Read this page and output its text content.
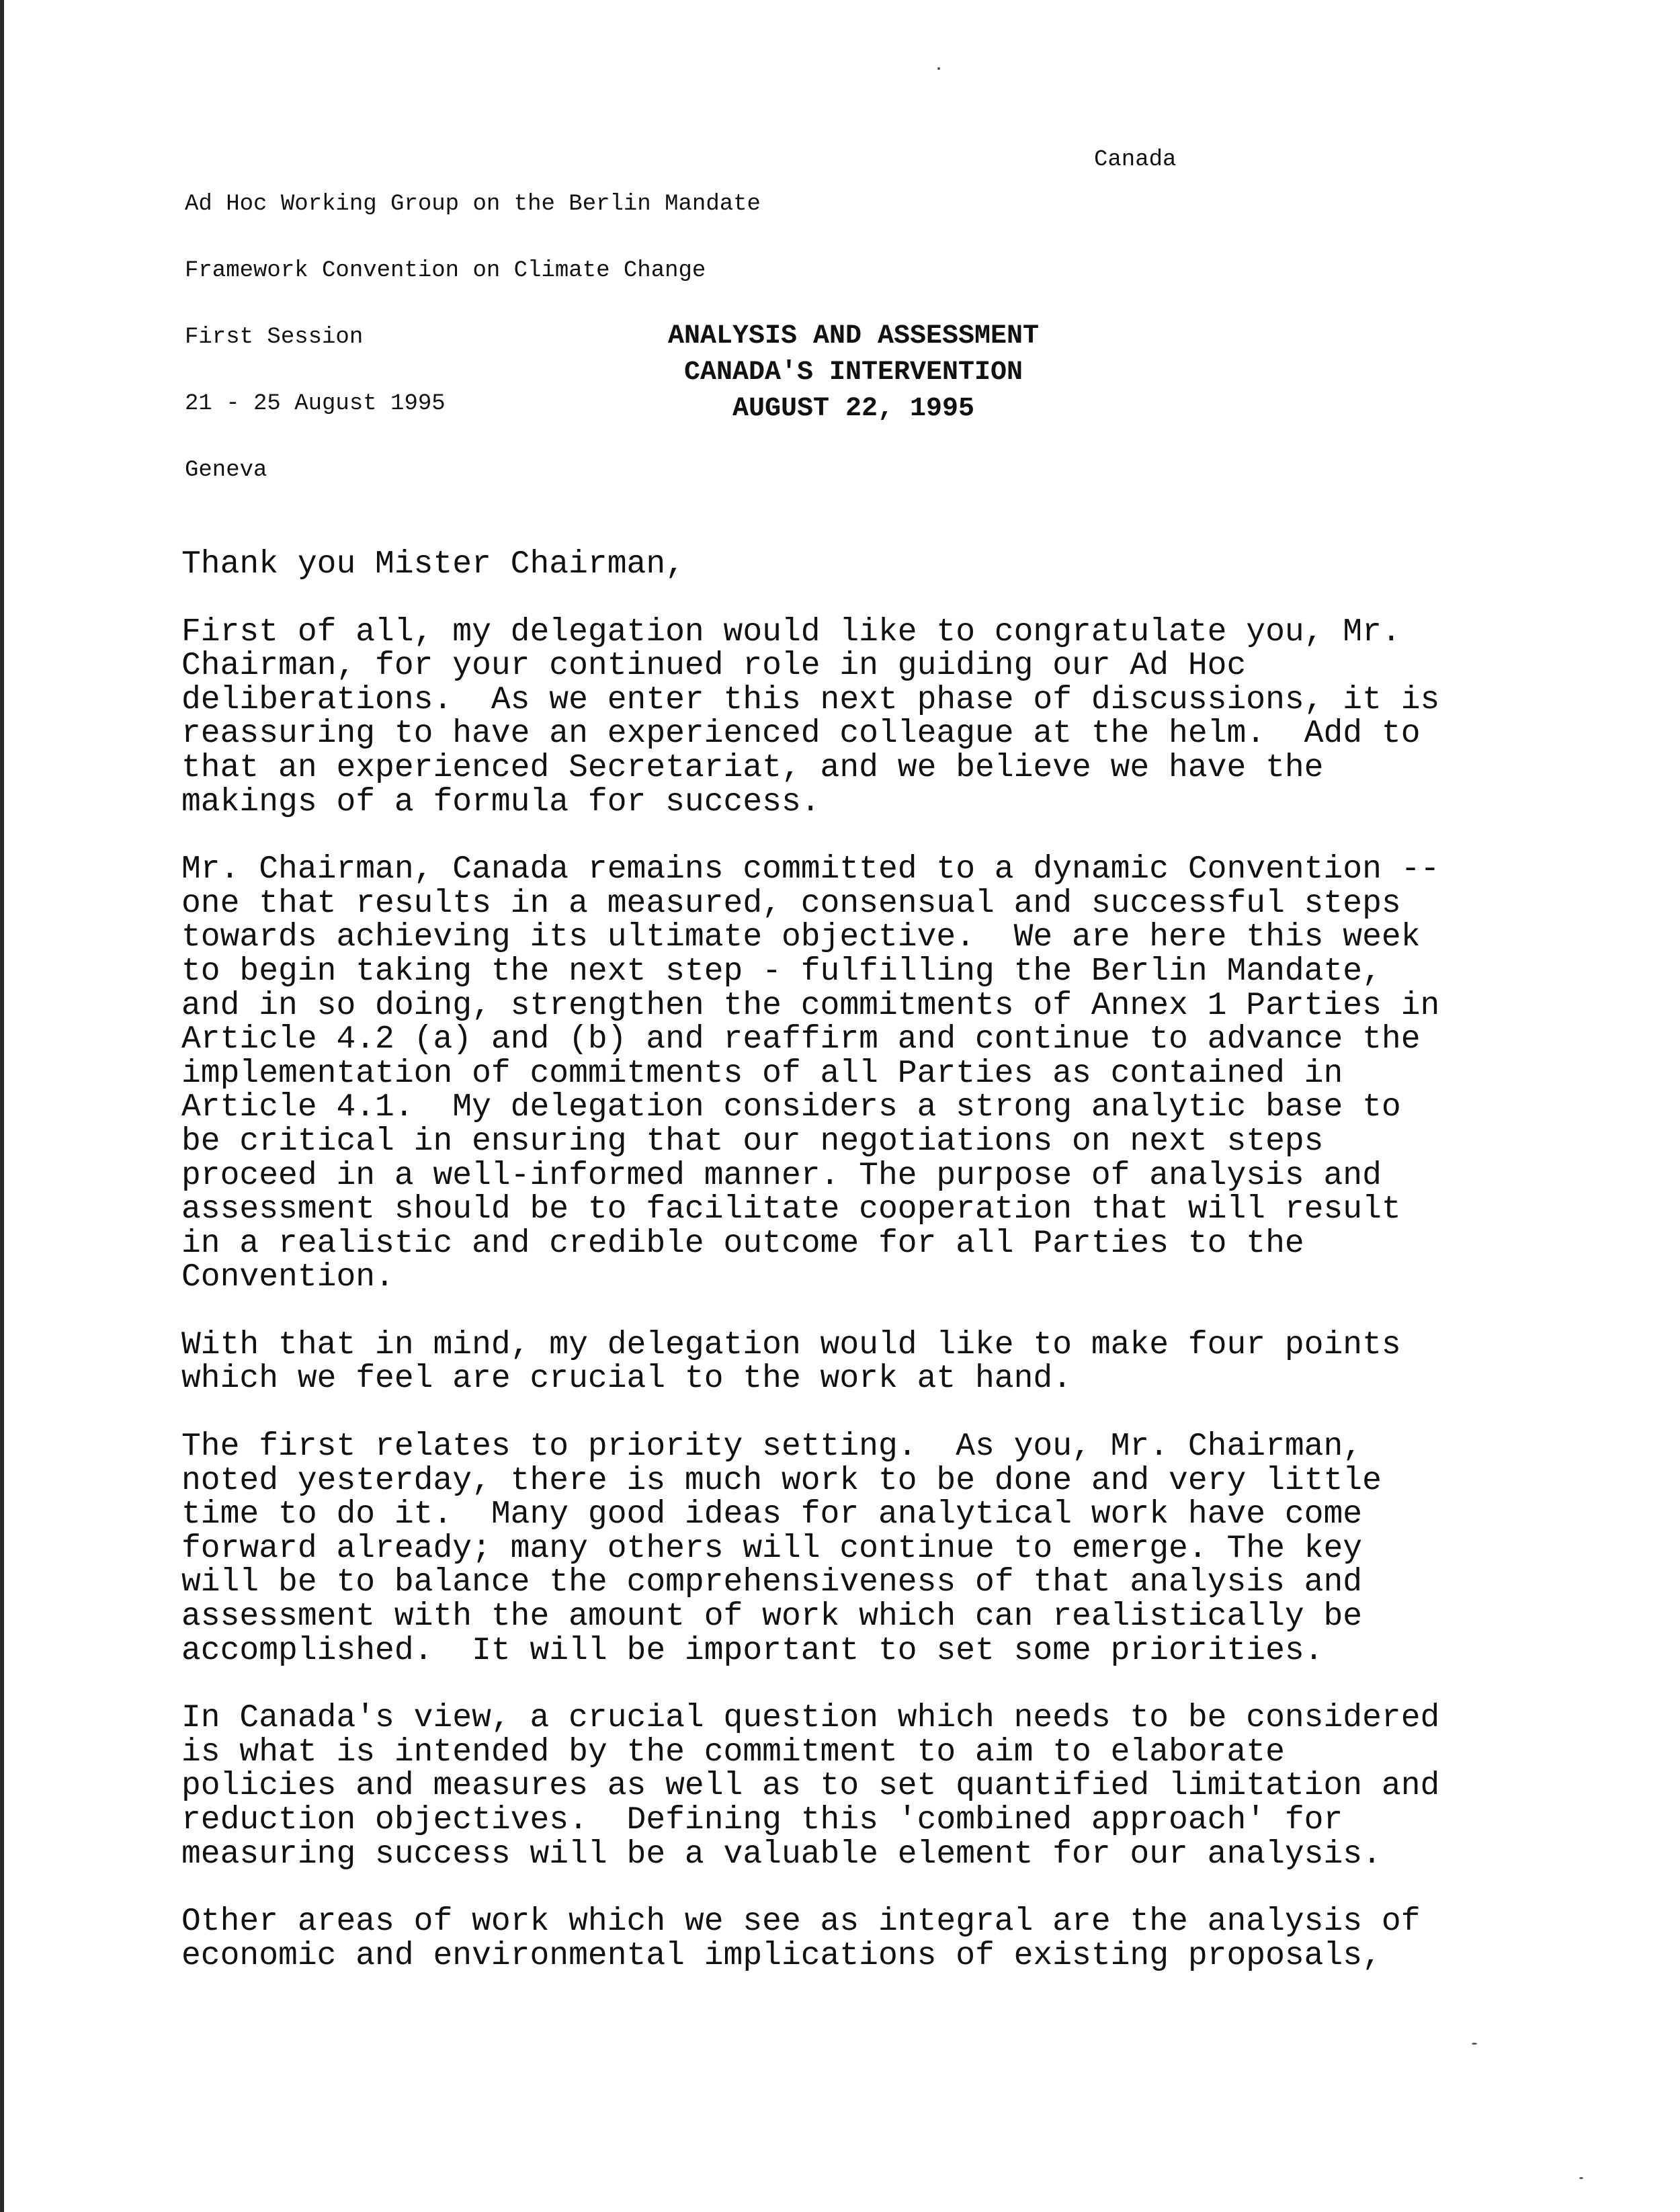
Ad Hoc Working Group on the Berlin Mandate

Framework Convention on Climate Change

First Session

21 - 25 August 1995

Geneva

Canada
ANALYSIS AND ASSESSMENT
CANADA'S INTERVENTION
AUGUST 22, 1995

Thank you Mister Chairman,

First of all, my delegation would like to congratulate you, Mr.
Chairman, for your continued role in guiding our Ad Hoc
deliberations.  As we enter this next phase of discussions, it is
reassuring to have an experienced colleague at the helm.  Add to
that an experienced Secretariat, and we believe we have the
makings of a formula for success.

Mr. Chairman, Canada remains committed to a dynamic Convention --
one that results in a measured, consensual and successful steps
towards achieving its ultimate objective.  We are here this week
to begin taking the next step - fulfilling the Berlin Mandate,
and in so doing, strengthen the commitments of Annex 1 Parties in
Article 4.2 (a) and (b) and reaffirm and continue to advance the
implementation of commitments of all Parties as contained in
Article 4.1.  My delegation considers a strong analytic base to
be critical in ensuring that our negotiations on next steps
proceed in a well-informed manner. The purpose of analysis and
assessment should be to facilitate cooperation that will result
in a realistic and credible outcome for all Parties to the
Convention.

With that in mind, my delegation would like to make four points
which we feel are crucial to the work at hand.

The first relates to priority setting.  As you, Mr. Chairman,
noted yesterday, there is much work to be done and very little
time to do it.  Many good ideas for analytical work have come
forward already; many others will continue to emerge. The key
will be to balance the comprehensiveness of that analysis and
assessment with the amount of work which can realistically be
accomplished.  It will be important to set some priorities.

In Canada's view, a crucial question which needs to be considered
is what is intended by the commitment to aim to elaborate
policies and measures as well as to set quantified limitation and
reduction objectives.  Defining this 'combined approach' for
measuring success will be a valuable element for our analysis.

Other areas of work which we see as integral are the analysis of
economic and environmental implications of existing proposals,
